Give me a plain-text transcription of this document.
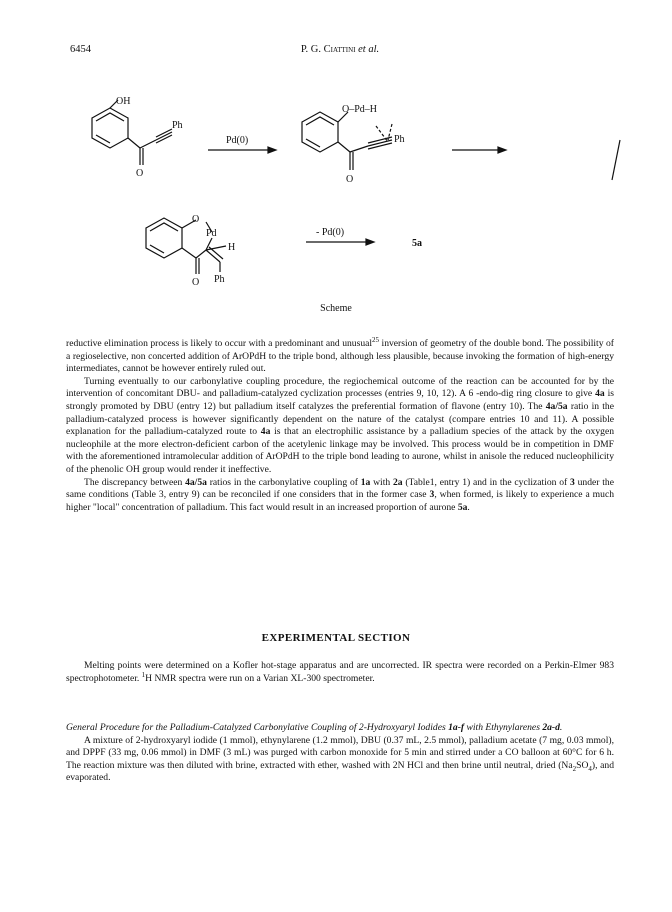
6454	P. G. Ciattini et al.
OH
Ph
Pd(0)
O
O–Pd–H
Ph
O
O
Pd
H
O Ph
- Pd(0)
5a
Scheme

reductive elimination process is likely to occur with a predominant and unusual$^{25}$ inversion of geometry of the double bond. The possibility of a regioselective, non concerted addition of ArOPdH to the triple bond, although less plausible, because invoking the formation of high-energy intermediates, cannot be however entirely ruled out.

Turning eventually to our carbonylative coupling procedure, the regiochemical outcome of the reaction can be accounted for by the intervention of concomitant DBU- and palladium-catalyzed cyclization processes (entries 9, 10, 12). A 6 -endo-dig ring closure to give 4a is strongly promoted by DBU (entry 12) but palladium itself catalyzes the preferential formation of flavone (entry 10). The 4a/5a ratio in the palladium-catalyzed process is however significantly dependent on the nature of the catalyst (compare entries 10 and 11). A possible explanation for the palladium-catalyzed route to 4a is that an electrophilic assistance by a palladium species of the attack by the oxygen nucleophile at the more electron-deficient carbon of the acetylenic linkage may be involved. This process would be in competition in DMF with the aforementioned intramolecular addition of ArOPdH to the triple bond leading to aurone, whilst in anisole the reduced nucleophilicity of the phenolic OH group would render it ineffective.

The discrepancy between 4a/5a ratios in the carbonylative coupling of 1a with 2a (Table1, entry 1) and in the cyclization of 3 under the same conditions (Table 3, entry 9) can be reconciled if one considers that in the former case 3, when formed, is likely to experience a much higher "local" concentration of palladium. This fact would result in an increased proportion of aurone 5a.

EXPERIMENTAL SECTION

Melting points were determined on a Kofler hot-stage apparatus and are uncorrected. IR spectra were recorded on a Perkin-Elmer 983 spectrophotometer. $^1$H NMR spectra were run on a Varian XL-300 spectrometer.

General Procedure for the Palladium-Catalyzed Carbonylative Coupling of 2-Hydroxyaryl Iodides 1a-f with Ethynylarenes 2a-d.

A mixture of 2-hydroxyaryl iodide (1 mmol), ethynylarene (1.2 mmol), DBU (0.37 mL, 2.5 mmol), palladium acetate (7 mg, 0.03 mmol), and DPPF (33 mg, 0.06 mmol) in DMF (3 mL) was purged with carbon monoxide for 5 min and stirred under a CO balloon at 60°C for 6 h. The reaction mixture was then diluted with brine, extracted with ether, washed with 2N HCl and then brine until neutral, dried $(Na_2SO_4)$, and evaporated.
